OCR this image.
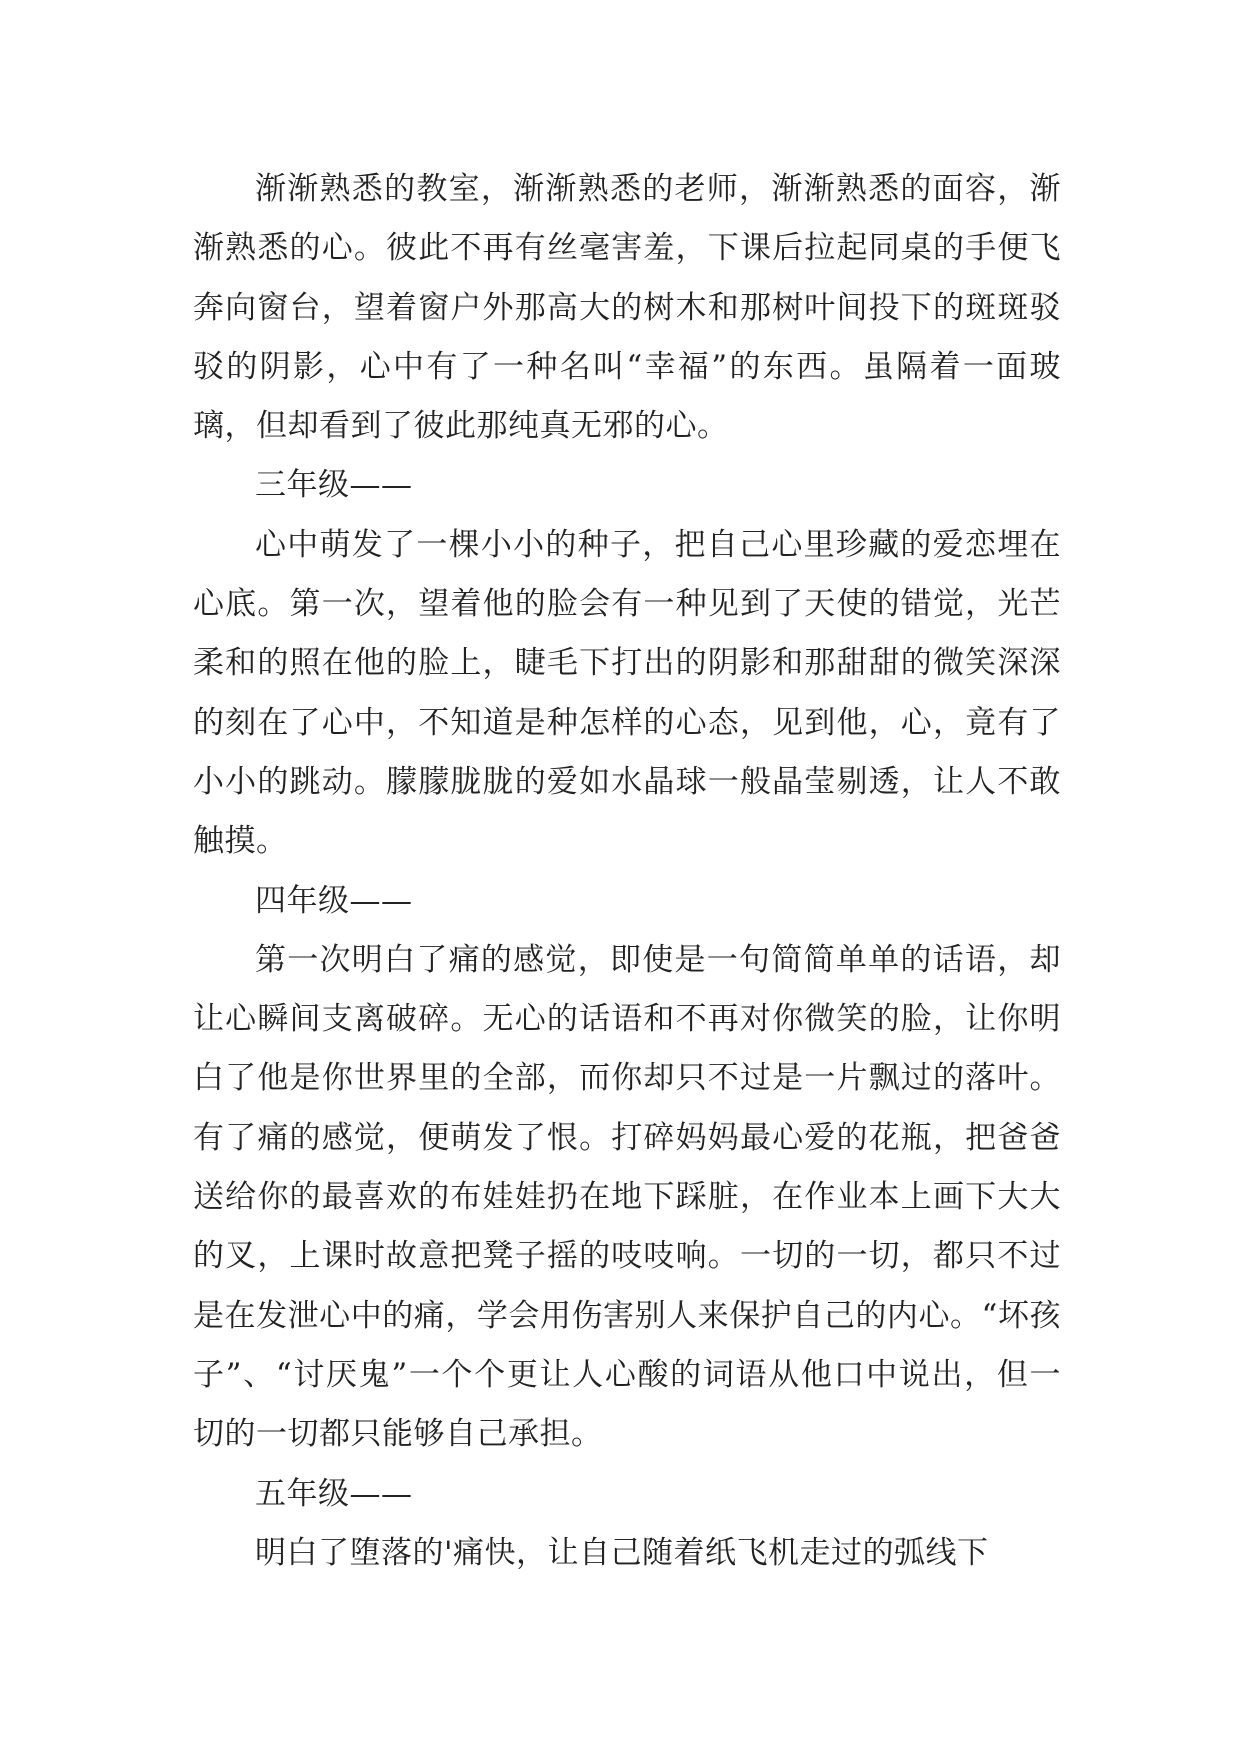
渐渐熟悉的教室，渐渐熟悉的老师，渐渐熟悉的面容，渐渐熟悉的心。彼此不再有丝毫害羞，下课后拉起同桌的手便飞奔向窗台，望着窗户外那高大的树木和那树叶间投下的斑斑驳驳的阴影，心中有了一种名叫“幸福”的东西。虽隔着一面玻璃，但却看到了彼此那纯真无邪的心。

三年级——

心中萌发了一棵小小的种子，把自己心里珍藏的爱恋埋在心底。第一次，望着他的脸会有一种见到了天使的错觉，光芒柔和的照在他的脸上，睫毛下打出的阴影和那甜甜的微笑深深的刻在了心中，不知道是种怎样的心态，见到他，心，竟有了小小的跳动。朦朦胧胧的爱如水晶球一般晶莹剔透，让人不敢触摸。

四年级——

第一次明白了痛的感觉，即使是一句简简单单的话语，却让心瞬间支离破碎。无心的话语和不再对你微笑的脸，让你明白了他是你世界里的全部，而你却只不过是一片飘过的落叶。有了痛的感觉，便萌发了恨。打碎妈妈最心爱的花瓶，把爸爸送给你的最喜欢的布娃娃扔在地下踩脏，在作业本上画下大大的叉，上课时故意把凳子摇的吱吱响。一切的一切，都只不过是在发泄心中的痛，学会用伤害别人来保护自己的内心。“坏孩子”、“讨厌鬼”一个个更让人心酸的词语从他口中说出，但一切的一切都只能够自己承担。

五年级——

明白了堕落的'痛快，让自己随着纸飞机走过的弧线下
